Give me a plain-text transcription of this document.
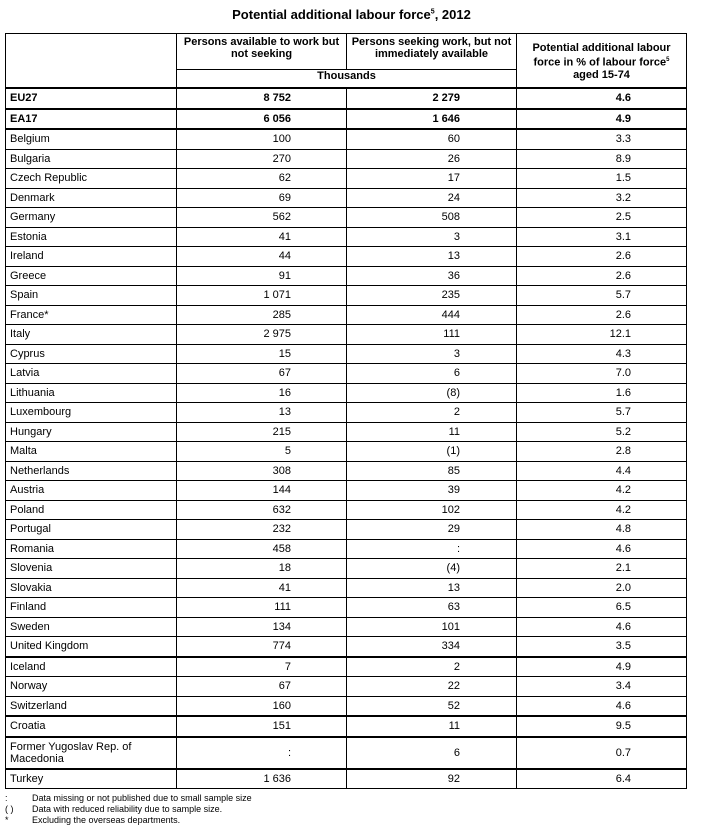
Potential additional labour force$^5$, 2012
	Persons available to work but not seeking	Persons seeking work, but not immediately available	Potential additional labour force in % of labour force$^5$ aged 15-74
	Thousands		
EU27	8 752	2 279	4.6
EA17	6 056	1 646	4.9
Belgium	100	60	3.3
Bulgaria	270	26	8.9
Czech Republic	62	17	1.5
Denmark	69	24	3.2
Germany	562	508	2.5
Estonia	41	3	3.1
Ireland	44	13	2.6
Greece	91	36	2.6
Spain	1 071	235	5.7
France*	285	444	2.6
Italy	2 975	111	12.1
Cyprus	15	3	4.3
Latvia	67	6	7.0
Lithuania	16	(8)	1.6
Luxembourg	13	2	5.7
Hungary	215	11	5.2
Malta	5	(1)	2.8
Netherlands	308	85	4.4
Austria	144	39	4.2
Poland	632	102	4.2
Portugal	232	29	4.8
Romania	458	:	4.6
Slovenia	18	(4)	2.1
Slovakia	41	13	2.0
Finland	111	63	6.5
Sweden	134	101	4.6
United Kingdom	774	334	3.5
Iceland	7	2	4.9
Norway	67	22	3.4
Switzerland	160	52	4.6
Croatia	151	11	9.5
Former Yugoslav Rep. of Macedonia	:	6	0.7
Turkey	1 636	92	6.4
:	Data missing or not published due to small sample size
( ) Data with reduced reliability due to sample size.
*	Excluding the overseas departments.
